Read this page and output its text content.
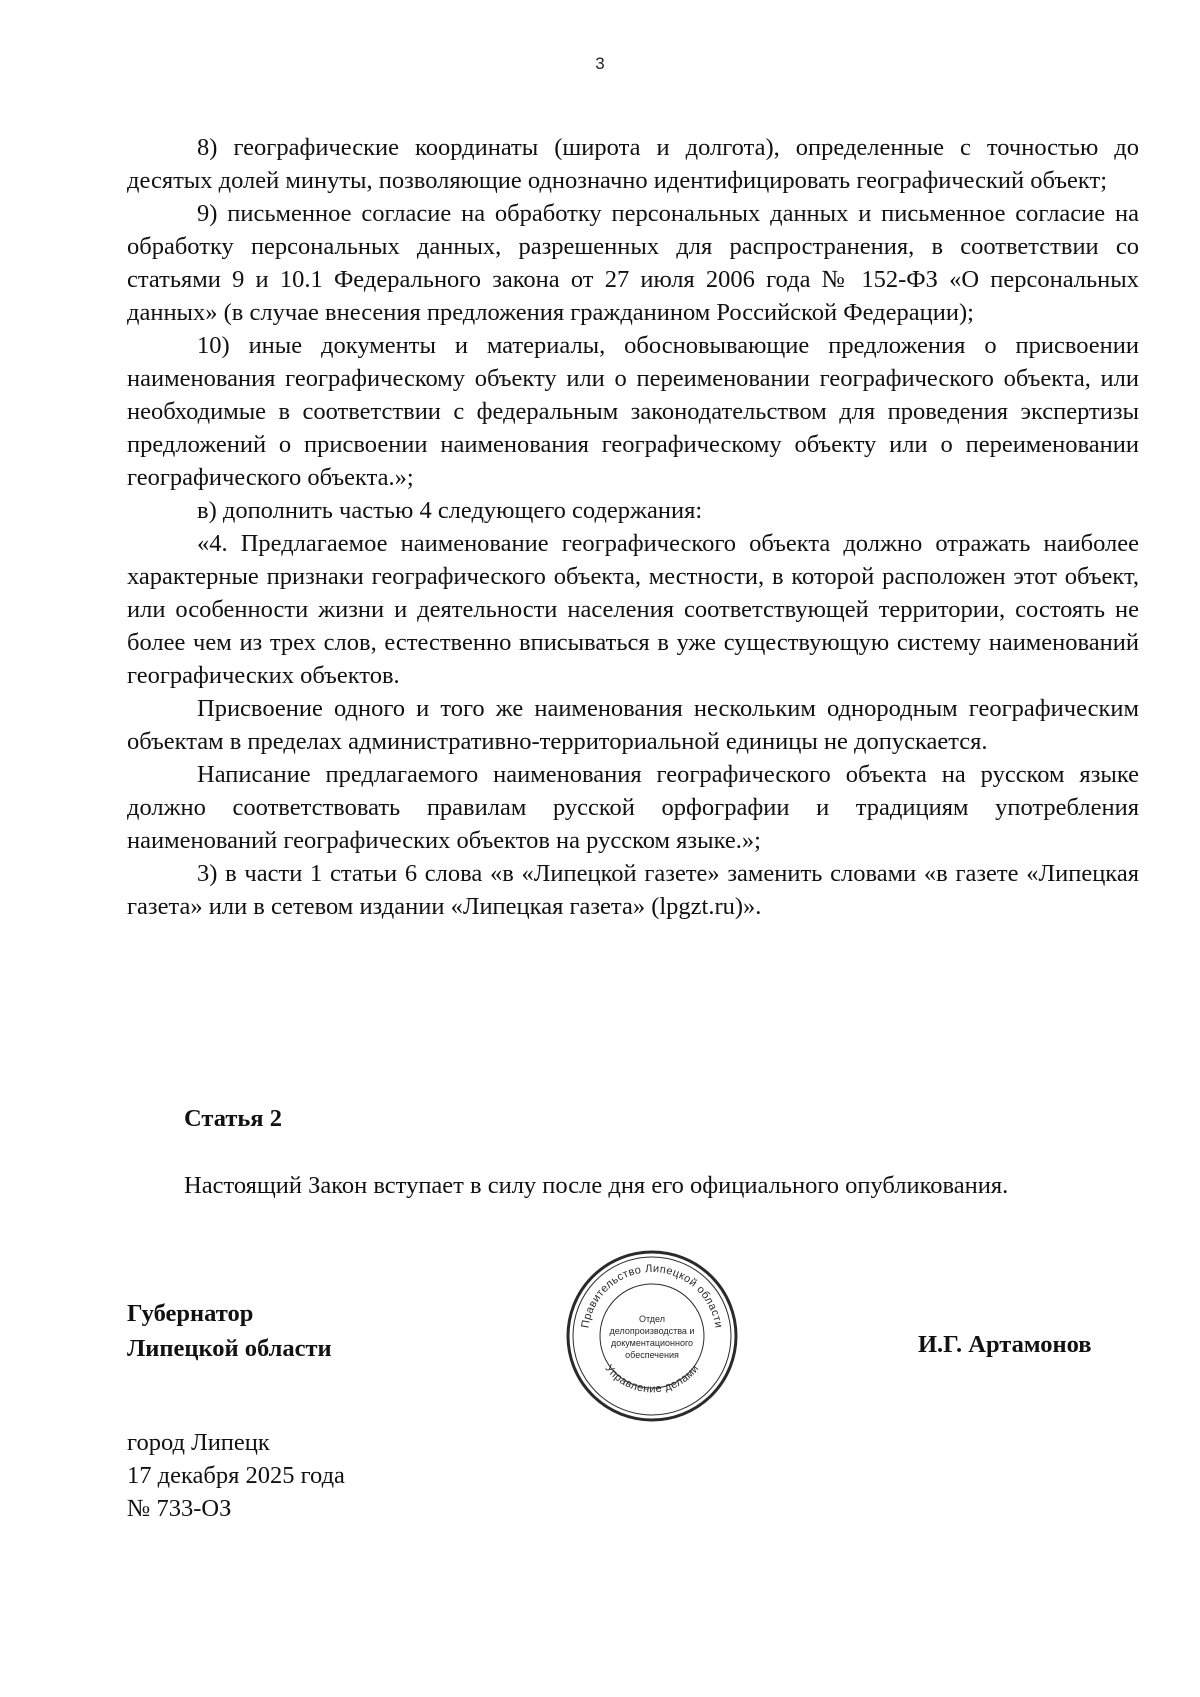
3

8) географические координаты (широта и долгота), определенные с точностью до десятых долей минуты, позволяющие однозначно идентифицировать географический объект;

9) письменное согласие на обработку персональных данных и письменное согласие на обработку персональных данных, разрешенных для распространения, в соответствии со статьями 9 и 10.1 Федерального закона от 27 июля 2006 года № 152-ФЗ «О персональных данных» (в случае внесения предложения гражданином Российской Федерации);

10) иные документы и материалы, обосновывающие предложения о присвоении наименования географическому объекту или о переименовании географического объекта, или необходимые в соответствии с федеральным законодательством для проведения экспертизы предложений о присвоении наименования географическому объекту или о переименовании географического объекта.»;

в) дополнить частью 4 следующего содержания:

«4. Предлагаемое наименование географического объекта должно отражать наиболее характерные признаки географического объекта, местности, в которой расположен этот объект, или особенности жизни и деятельности населения соответствующей территории, состоять не более чем из трех слов, естественно вписываться в уже существующую систему наименований географических объектов.

Присвоение одного и того же наименования нескольким однородным географическим объектам в пределах административно-территориальной единицы не допускается.

Написание предлагаемого наименования географического объекта на русском языке должно соответствовать правилам русской орфографии и традициям употребления наименований географических объектов на русском языке.»;

3) в части 1 статьи 6 слова «в «Липецкой газете» заменить словами «в газете «Липецкая газета» или в сетевом издании «Липецкая газета» (lpgzt.ru)».

Статья 2
Настоящий Закон вступает в силу после дня его официального опубликования.
Губернатор
Липецкой области
Правительство Липецкой области
Управление делами
Отдел
делопроизводства и
документационного
обеспечения	И.Г. Артамонов
город Липецк
17 декабря 2025 года
№ 733-ОЗ
